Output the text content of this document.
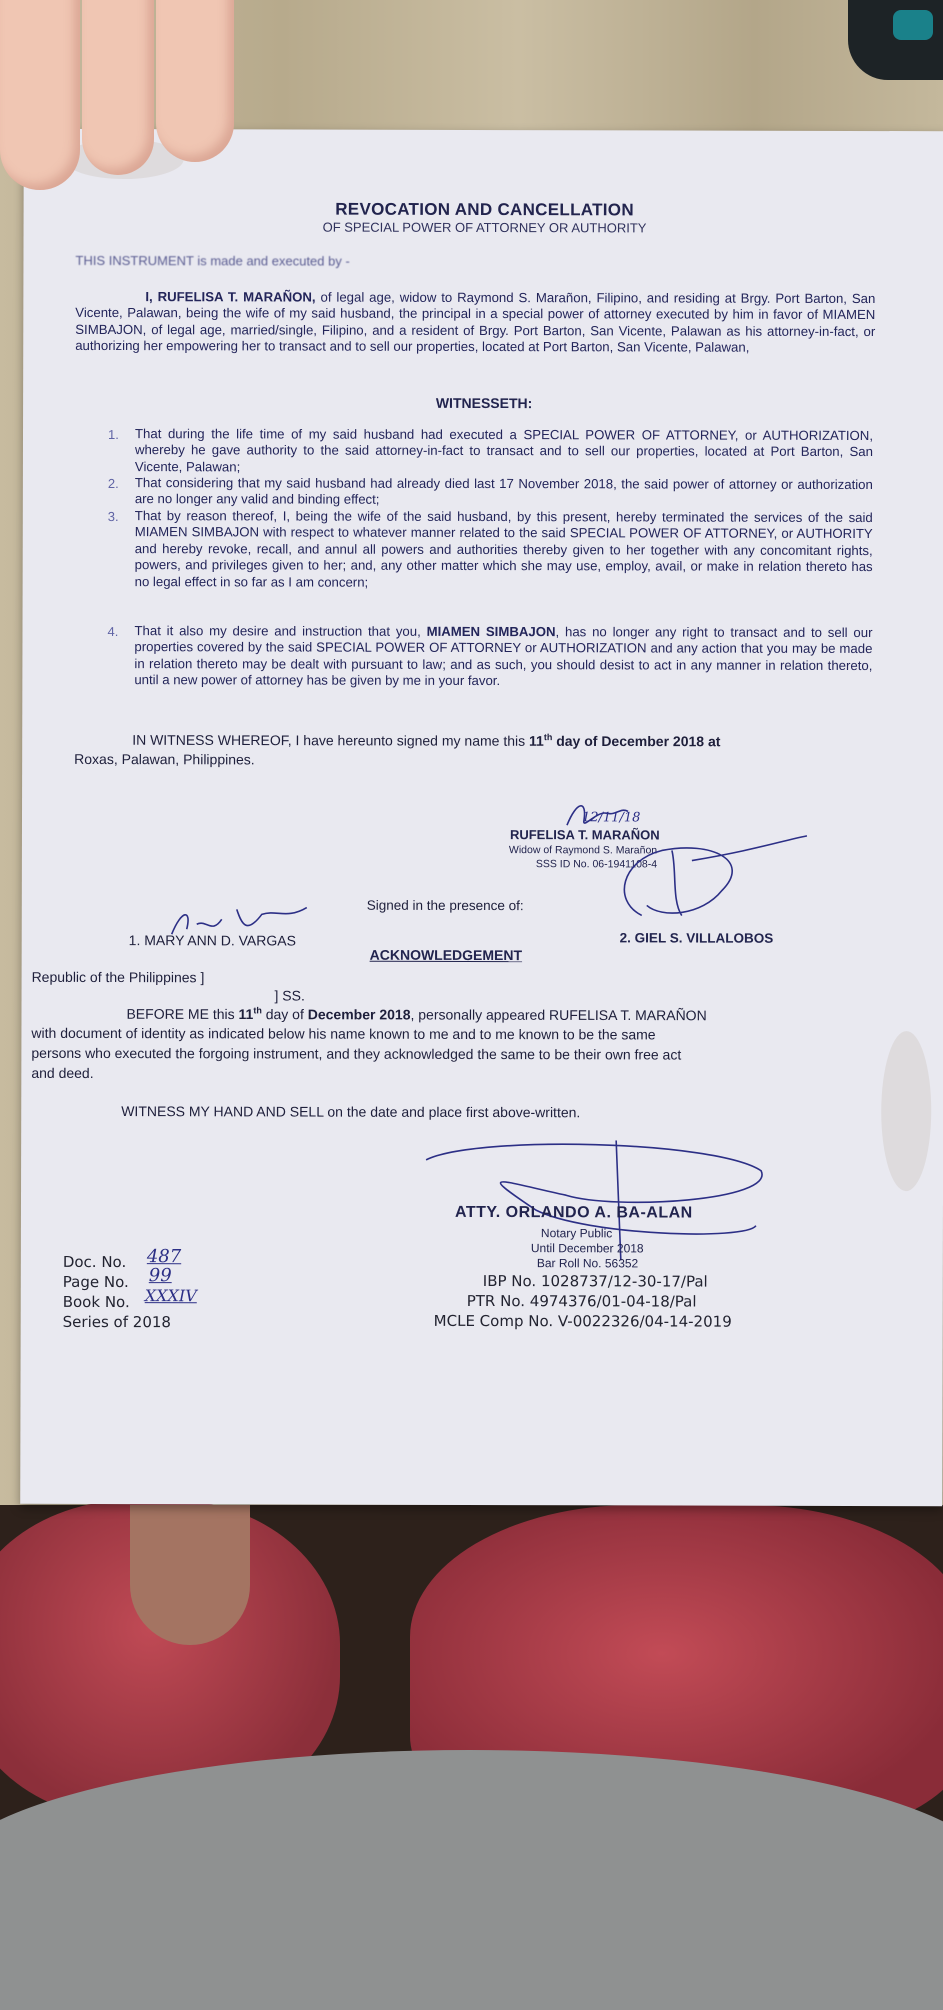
REVOCATION AND CANCELLATION
OF SPECIAL POWER OF ATTORNEY OR AUTHORITY
THIS INSTRUMENT is made and executed by -

I, RUFELISA T. MARAÑON, of legal age, widow to Raymond S. Marañon, Filipino, and residing at Brgy. Port Barton, San Vicente, Palawan, being the wife of my said husband, the principal in a special power of attorney executed by him in favor of MIAMEN SIMBAJON, of legal age, married/single, Filipino, and a resident of Brgy. Port Barton, San Vicente, Palawan as his attorney-in-fact, or authorizing her empowering her to transact and to sell our properties, located at Port Barton, San Vicente, Palawan,

WITNESSETH:
1. That during the life time of my said husband had executed a SPECIAL POWER OF ATTORNEY, or AUTHORIZATION, whereby he gave authority to the said attorney-in-fact to transact and to sell our properties, located at Port Barton, San Vicente, Palawan;

2. That considering that my said husband had already died last 17 November 2018, the said power of attorney or authorization are no longer any valid and binding effect;

3. That by reason thereof, I, being the wife of the said husband, by this present, hereby terminated the services of the said MIAMEN SIMBAJON with respect to whatever manner related to the said SPECIAL POWER OF ATTORNEY, or AUTHORITY and hereby revoke, recall, and annul all powers and authorities thereby given to her together with any concomitant rights, powers, and privileges given to her; and, any other matter which she may use, employ, avail, or make in relation thereto has no legal effect in so far as I am concern;

4. That it also my desire and instruction that you, MIAMEN SIMBAJON, has no longer any right to transact and to sell our properties covered by the said SPECIAL POWER OF ATTORNEY or AUTHORIZATION and any action that you may be made in relation thereto may be dealt with pursuant to law; and as such, you should desist to act in any manner in relation thereto, until a new power of attorney has be given by me in your favor.

IN WITNESS WHEREOF, I have hereunto signed my name this 11th day of December 2018 at
Roxas, Palawan, Philippines.
12/11/18
RUFELISA T. MARAÑON
Widow of Raymond S. Marañon
SSS ID No. 06-1941108-4
Signed in the presence of:
1. MARY ANN D. VARGAS	2. GIEL S. VILLALOBOS
ACKNOWLEDGEMENT
Republic of the Philippines ]
] SS.
BEFORE ME this 11th day of December 2018, personally appeared RUFELISA T. MARAÑON
with document of identity as indicated below his name known to me and to me known to be the same
persons who executed the forgoing instrument, and they acknowledged the same to be their own free act
and deed.
WITNESS MY HAND AND SELL on the date and place first above-written.
ATTY. ORLANDO A. BA-ALAN
Notary Public
Until December 2018
Bar Roll No. 56352
IBP No. 1028737/12-30-17/Pal
PTR No. 4974376/01-04-18/Pal
MCLE Comp No. V-0022326/04-14-2019
Doc. No. 487
Page No. 99
Book No. XXXIV
Series of 2018
